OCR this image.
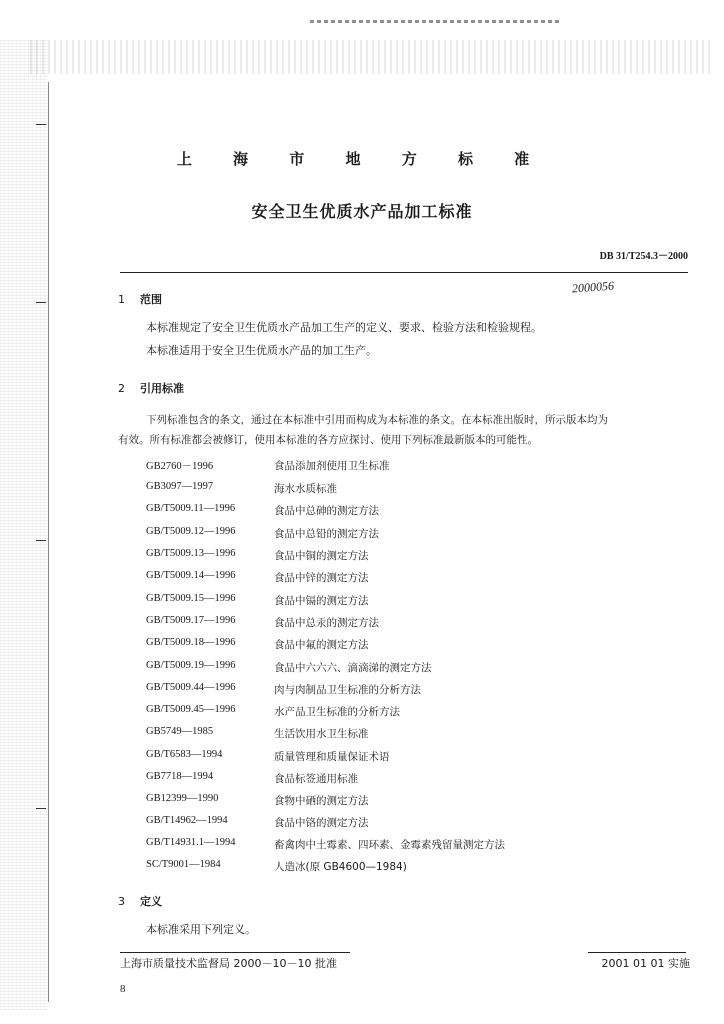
上 海 市 地 方 标 准
安全卫生优质水产品加工标准
DB 31/T254.3－2000
2000056
1 范围
本标准规定了安全卫生优质水产品加工生产的定义、要求、检验方法和检验规程。
本标准适用于安全卫生优质水产品的加工生产。
2 引用标准
下列标准包含的条文，通过在本标准中引用而构成为本标准的条文。在本标准出版时，所示版本均为
有效。所有标准都会被修订，使用本标准的各方应探讨、使用下列标准最新版本的可能性。
GB2760－1996	食品添加剂使用卫生标准
GB3097—1997	海水水质标准
GB/T5009.11—1996	食品中总砷的测定方法
GB/T5009.12—1996	食品中总铅的测定方法
GB/T5009.13—1996	食品中铜的测定方法
GB/T5009.14—1996	食品中锌的测定方法
GB/T5009.15—1996	食品中镉的测定方法
GB/T5009.17—1996	食品中总汞的测定方法
GB/T5009.18—1996	食品中氟的测定方法
GB/T5009.19—1996	食品中六六六、滴滴涕的测定方法
GB/T5009.44—1996	肉与肉制品卫生标准的分析方法
GB/T5009.45—1996	水产品卫生标准的分析方法
GB5749—1985	生活饮用水卫生标准
GB/T6583—1994	质量管理和质量保证术语
GB7718—1994	食品标签通用标准
GB12399—1990	食物中硒的测定方法
GB/T14962—1994	食品中铬的测定方法
GB/T14931.1—1994	畜禽肉中土霉素、四环素、金霉素残留量测定方法
SC/T9001—1984	人造冰(原 GB4600—1984)
3 定义
本标准采用下列定义。
上海市质量技术监督局 2000－10－10 批准	2001 01 01 实施
8
